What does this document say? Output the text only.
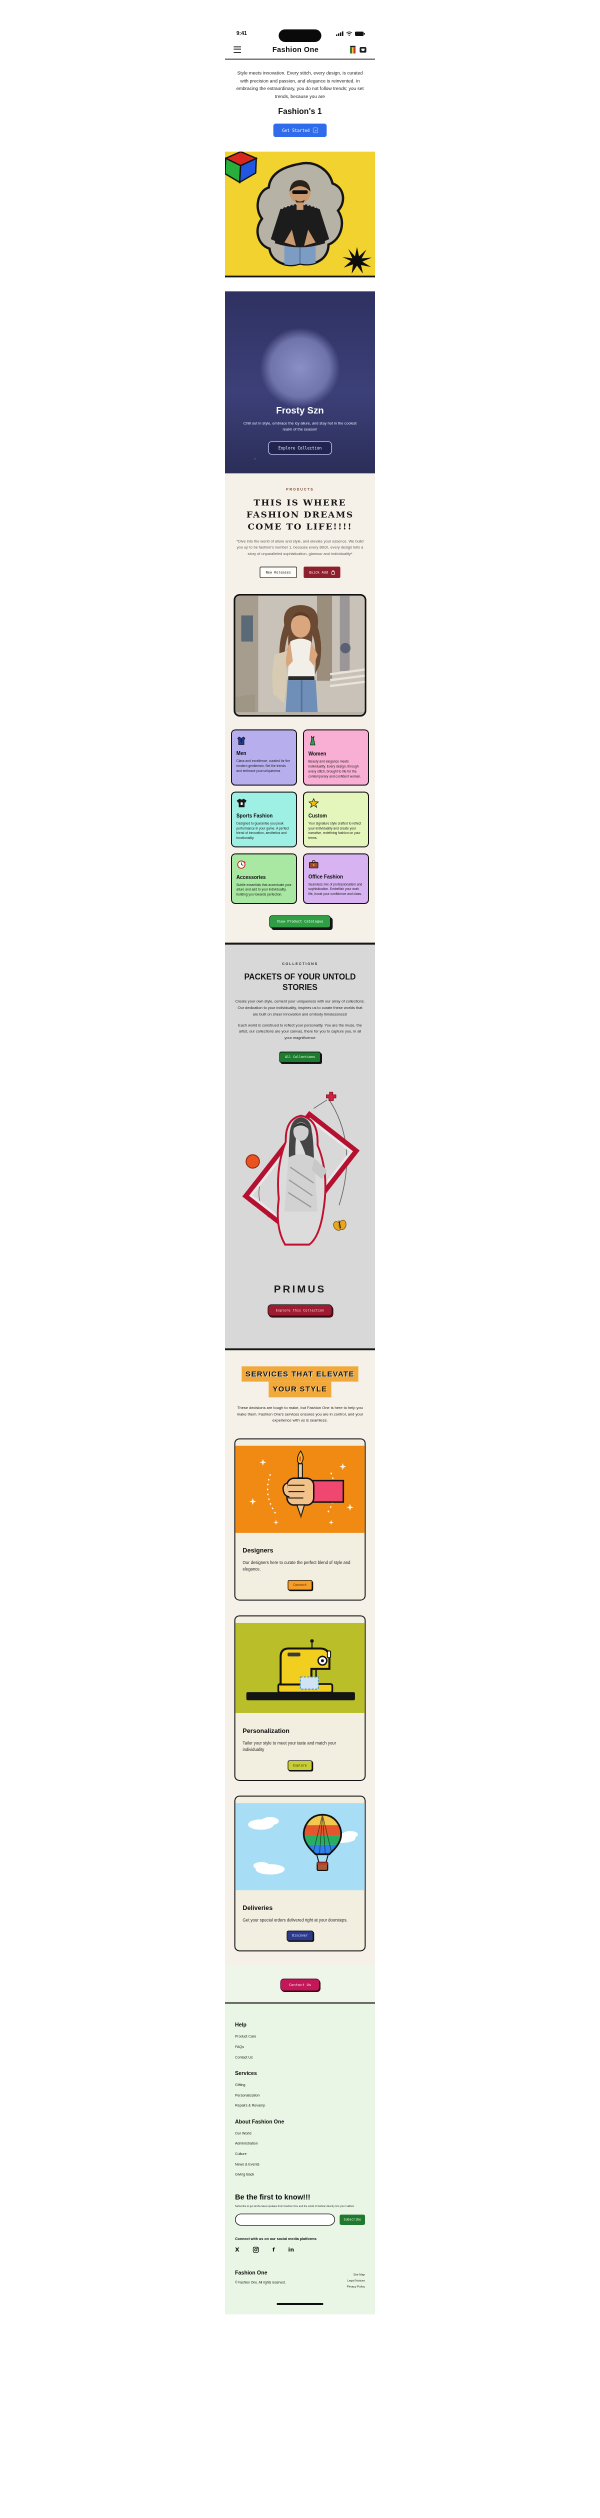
9:41
Fashion One

Style meets innovation. Every stitch, every design, is curated with precision and passion, and elegance is reinvented. In embracing the extraordinary, you do not follow trends; you set trends, because you are

Fashion's 1
Get Started ↗
Frosty Szn

Chill out in style, embrace the icy allure, and stay hot in the coolest realm of the season!

Explore Collection
PRODUCTS
THIS IS WHERE FASHION DREAMS COME TO LIFE!!!!

*Dive into the world of allure and style, and elevate your essence. We build you up to be fashion's number 1, because every stitch, every design tells a story of unparalleled sophistication, glamour and individuality*

New Releases Quick Add
Men

Class and excellence, curated for the modern gentleman. Set the trends and embrace your uniqueness

Women

Beauty and elegance meets individuality. Every design, through every stitch, brought to life for the contemporary and confident women.

Sports Fashion

Designed to guarantee you peak performance in your game. A perfect blend of innovation, aesthetics and functionality.

Custom

Your signature style crafted to reflect your individuality and create your narrative, redefining fashion on your terms.

Accessories

Subtle essentials that accentuate your allure and add to your individuality, building you towards perfection.

Office Fashion

Seamless mix of professionalism and sophistication. Embellish your work life, boost your confidence and class.

View Product Catalogue
COLLECTIONS
PACKETS OF YOUR UNTOLD STORIES

Create your own style, cement your uniqueness with our array of collections. Our dedication to your individuality, inspires us to curate these worlds that are built on sheer innovation and embody timelessness!

Each world is construed to reflect your personality. You are the muse, the artist, our collections are your canvas, there for you to capture you, in all your magnificence

All Collections
PRIMUS
Explore this Collection
SERVICES THAT ELEVATE
YOUR STYLE

These decisions are tough to make, but Fashion One is here to help you make them. Fashion One's services ensures you are in control, and your experience with us is seamless.

Designers

Our designers here to curate the perfect blend of style and elegance.

Connect
Personalization

Tailor your style to meet your taste and match your individuality

Explore
Deliveries

Get your special orders delivered right at your doorsteps.

Discover
Contact Us
Help
Product Care
FAQs
Contact Us
Services
Gifting
Personalization
Repairs & Revamp
About Fashion One
Our World
Administration
Culture
News & Events
Giving Back
Be the first to know!!!

Subscribe to get all the latest updates from Fashion One and the world of fashion directly into your mailbox

Subscribe

Connect with us on our social media platforms

X f in

Fashion One

© Fashion One. All rights reserved.

Site Map
Legal Notices
Privacy Policy
